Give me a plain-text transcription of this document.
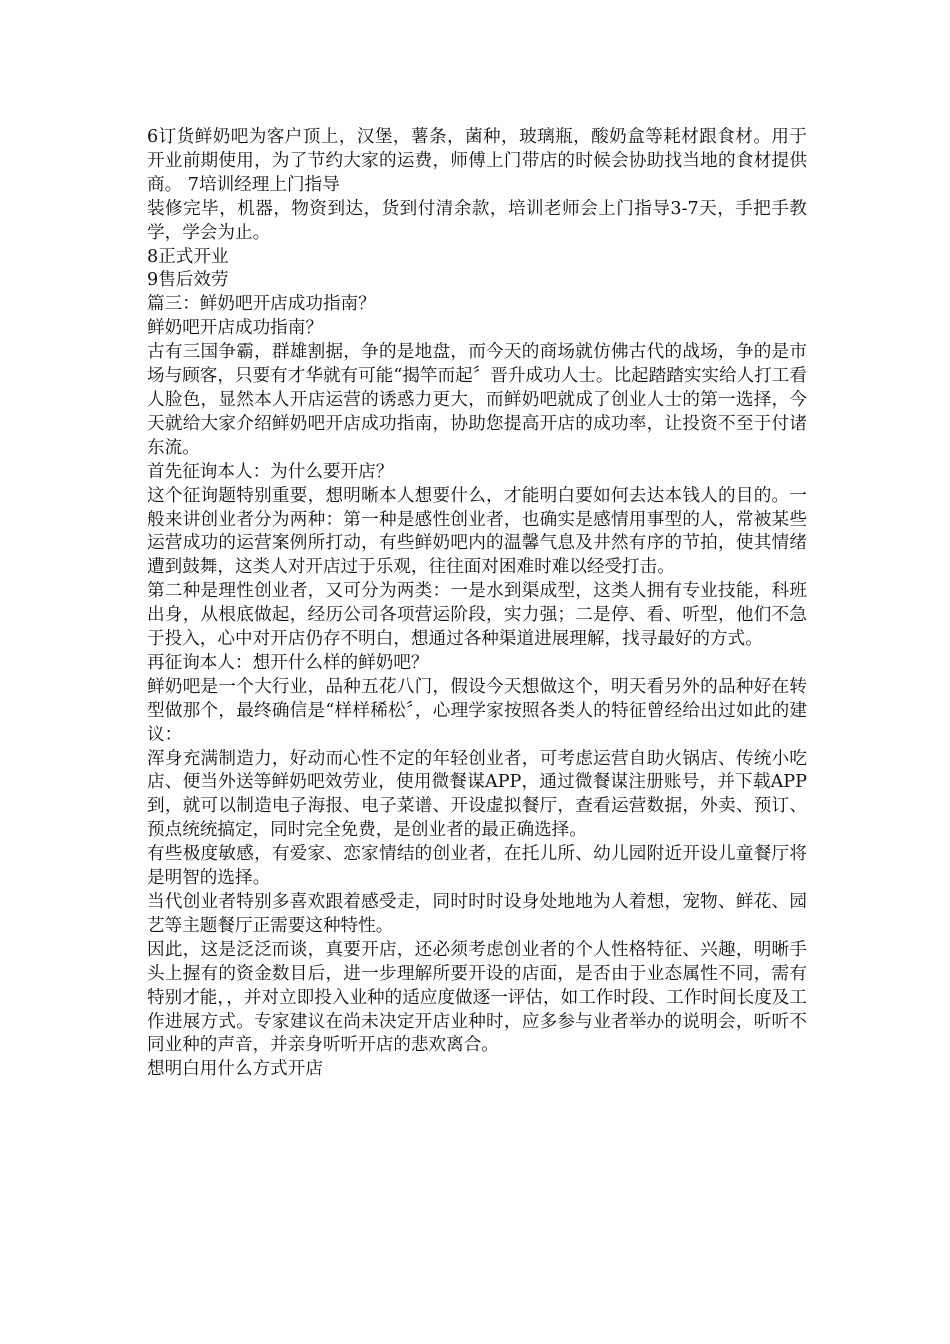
6订货鲜奶吧为客户顶上，汉堡，薯条，菌种，玻璃瓶，酸奶盒等耗材跟食材。用于开业前期使用，为了节约大家的运费，师傅上门带店的时候会协助找当地的食材提供商。 7培训经理上门指导

装修完毕，机器，物资到达，货到付清余款，培训老师会上门指导3-7天，手把手教学，学会为止。

8正式开业

9售后效劳

篇三：鲜奶吧开店成功指南？

鲜奶吧开店成功指南？

古有三国争霸，群雄割据，争的是地盘，而今天的商场就仿佛古代的战场，争的是市场与顾客，只要有才华就有可能“揭竿而起〞晋升成功人士。比起踏踏实实给人打工看人脸色，显然本人开店运营的诱惑力更大，而鲜奶吧就成了创业人士的第一选择，今天就给大家介绍鲜奶吧开店成功指南，协助您提高开店的成功率，让投资不至于付诸东流。

首先征询本人：为什么要开店？

这个征询题特别重要，想明晰本人想要什么，才能明白要如何去达本钱人的目的。一般来讲创业者分为两种：第一种是感性创业者，也确实是感情用事型的人，常被某些运营成功的运营案例所打动，有些鲜奶吧内的温馨气息及井然有序的节拍，使其情绪遭到鼓舞，这类人对开店过于乐观，往往面对困难时难以经受打击。

第二种是理性创业者，又可分为两类：一是水到渠成型，这类人拥有专业技能，科班出身，从根底做起，经历公司各项营运阶段，实力强；二是停、看、听型，他们不急于投入，心中对开店仍存不明白，想通过各种渠道进展理解，找寻最好的方式。

再征询本人：想开什么样的鲜奶吧？

鲜奶吧是一个大行业，品种五花八门，假设今天想做这个，明天看另外的品种好在转型做那个，最终确信是“样样稀松〞，心理学家按照各类人的特征曾经给出过如此的建议：

浑身充满制造力，好动而心性不定的年轻创业者，可考虑运营自助火锅店、传统小吃店、便当外送等鲜奶吧效劳业，使用微餐谋APP，通过微餐谋注册账号，并下载APP到，就可以制造电子海报、电子菜谱、开设虚拟餐厅，查看运营数据，外卖、预订、预点统统搞定，同时完全免费，是创业者的最正确选择。

有些极度敏感，有爱家、恋家情结的创业者，在托儿所、幼儿园附近开设儿童餐厅将是明智的选择。

当代创业者特别多喜欢跟着感受走，同时时时设身处地地为人着想，宠物、鲜花、园艺等主题餐厅正需要这种特性。

因此，这是泛泛而谈，真要开店，还必须考虑创业者的个人性格特征、兴趣，明晰手头上握有的资金数目后，进一步理解所要开设的店面，是否由于业态属性不同，需有特别才能，，并对立即投入业种的适应度做逐一评估，如工作时段、工作时间长度及工作进展方式。专家建议在尚未决定开店业种时，应多参与业者举办的说明会，听听不同业种的声音，并亲身听听开店的悲欢离合。

想明白用什么方式开店
